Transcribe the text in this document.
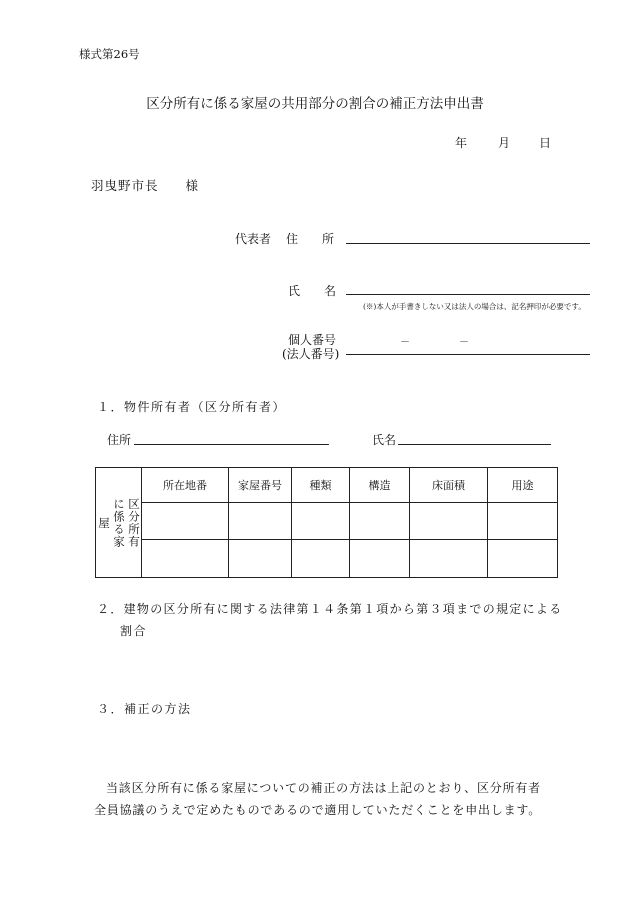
様式第26号
区分所有に係る家屋の共用部分の割合の補正方法申出書
年	月 日
羽曳野市長　　様
代表者 住　所
氏　名
(※)本人が手書きしない又は法人の場合は、記名押印が必要です。
個人番号
(法人番号)
－	－
１．物件所有者（区分所有者）
住所	氏名
区分所有に係る家屋	所在地番	家屋番号	種類	構造	床面積	用途

２．建物の区分所有に関する法律第１４条第１項から第３項までの規定による
割合
３．補正の方法
当該区分所有に係る家屋についての補正の方法は上記のとおり、区分所有者
全員協議のうえで定めたものであるので適用していただくことを申出します。
